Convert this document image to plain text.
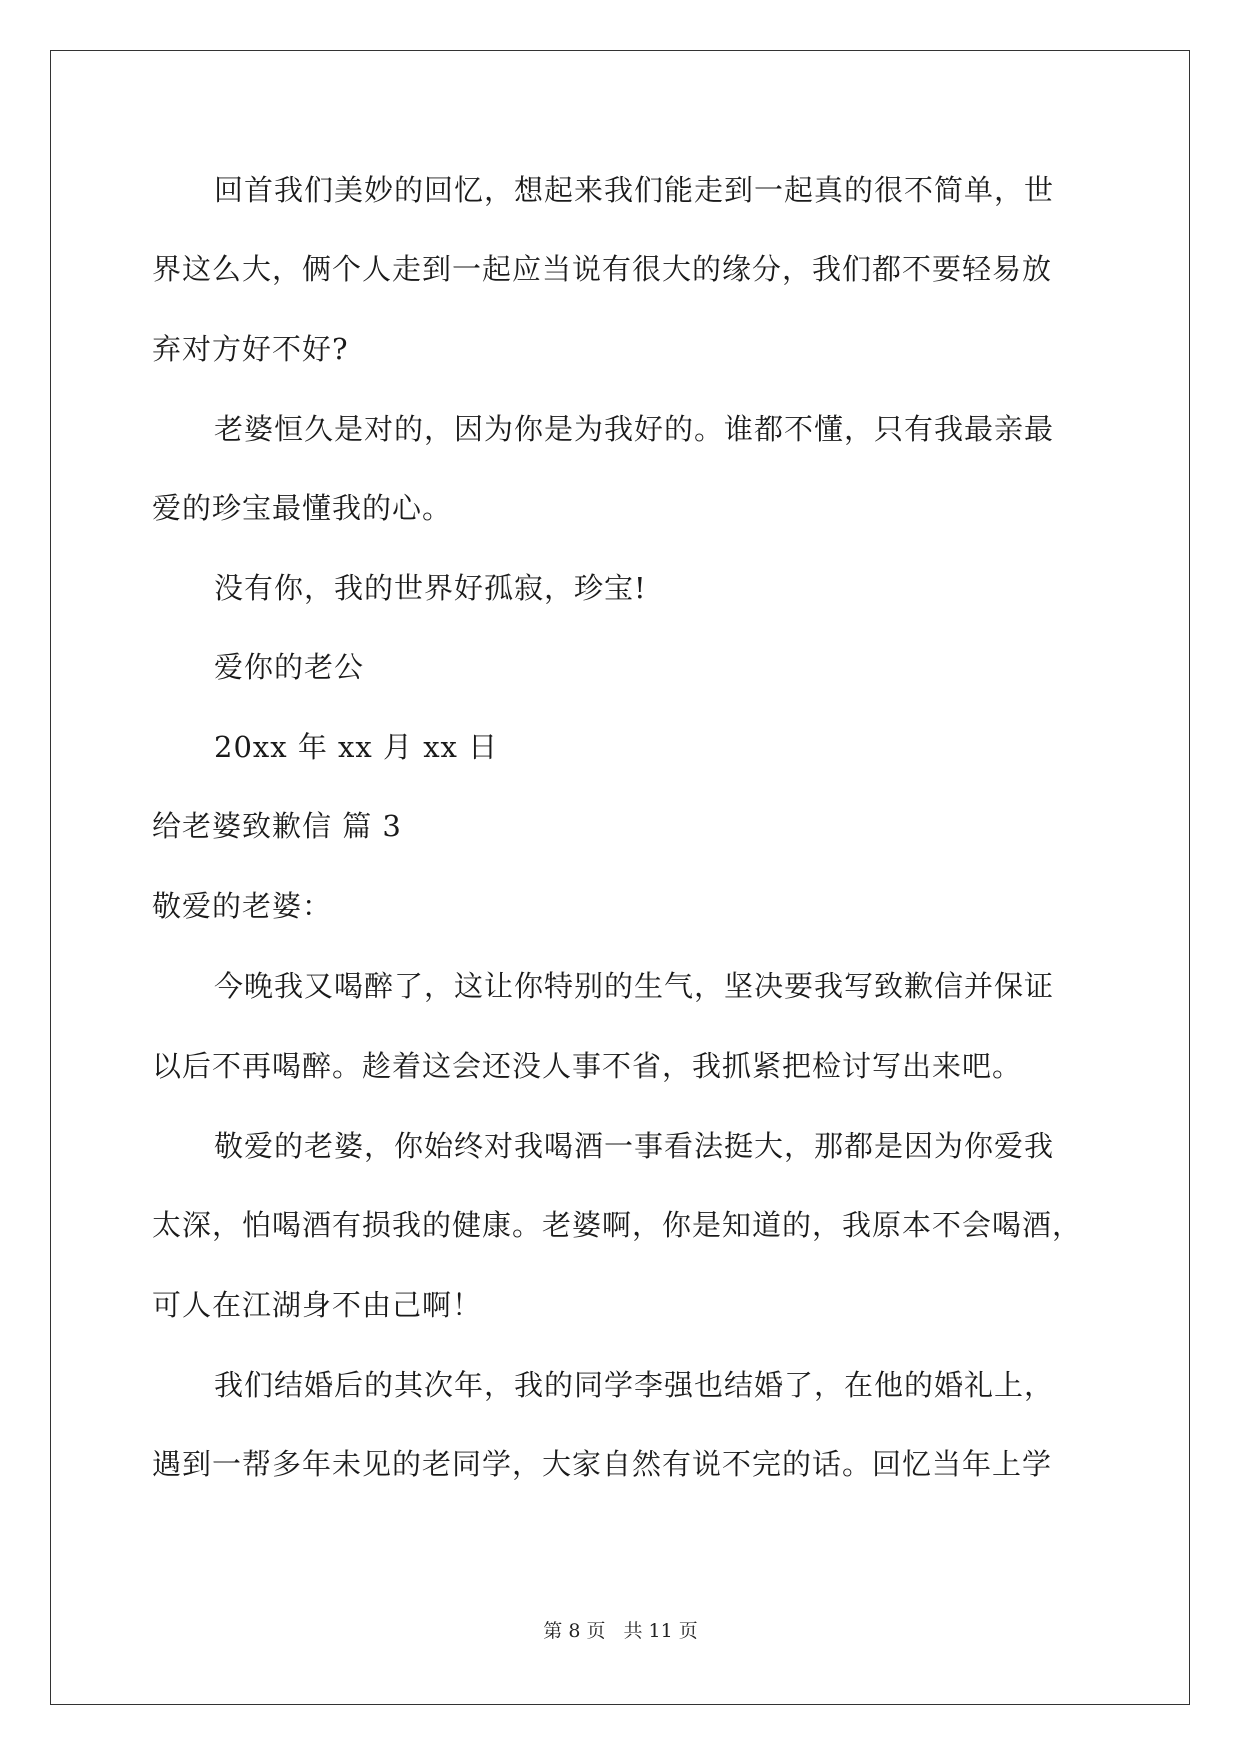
回首我们美妙的回忆，想起来我们能走到一起真的很不简单，世
界这么大，俩个人走到一起应当说有很大的缘分，我们都不要轻易放
弃对方好不好?
老婆恒久是对的，因为你是为我好的。谁都不懂，只有我最亲最
爱的珍宝最懂我的心。
没有你，我的世界好孤寂，珍宝!
爱你的老公
20xx 年 xx 月 xx 日
给老婆致歉信 篇 3
敬爱的老婆：
今晚我又喝醉了，这让你特别的生气，坚决要我写致歉信并保证
以后不再喝醉。趁着这会还没人事不省，我抓紧把检讨写出来吧。
敬爱的老婆，你始终对我喝酒一事看法挺大，那都是因为你爱我
太深，怕喝酒有损我的健康。老婆啊，你是知道的，我原本不会喝酒，
可人在江湖身不由己啊！
我们结婚后的其次年，我的同学李强也结婚了，在他的婚礼上，
遇到一帮多年未见的老同学，大家自然有说不完的话。回忆当年上学
第 8 页 共 11 页
